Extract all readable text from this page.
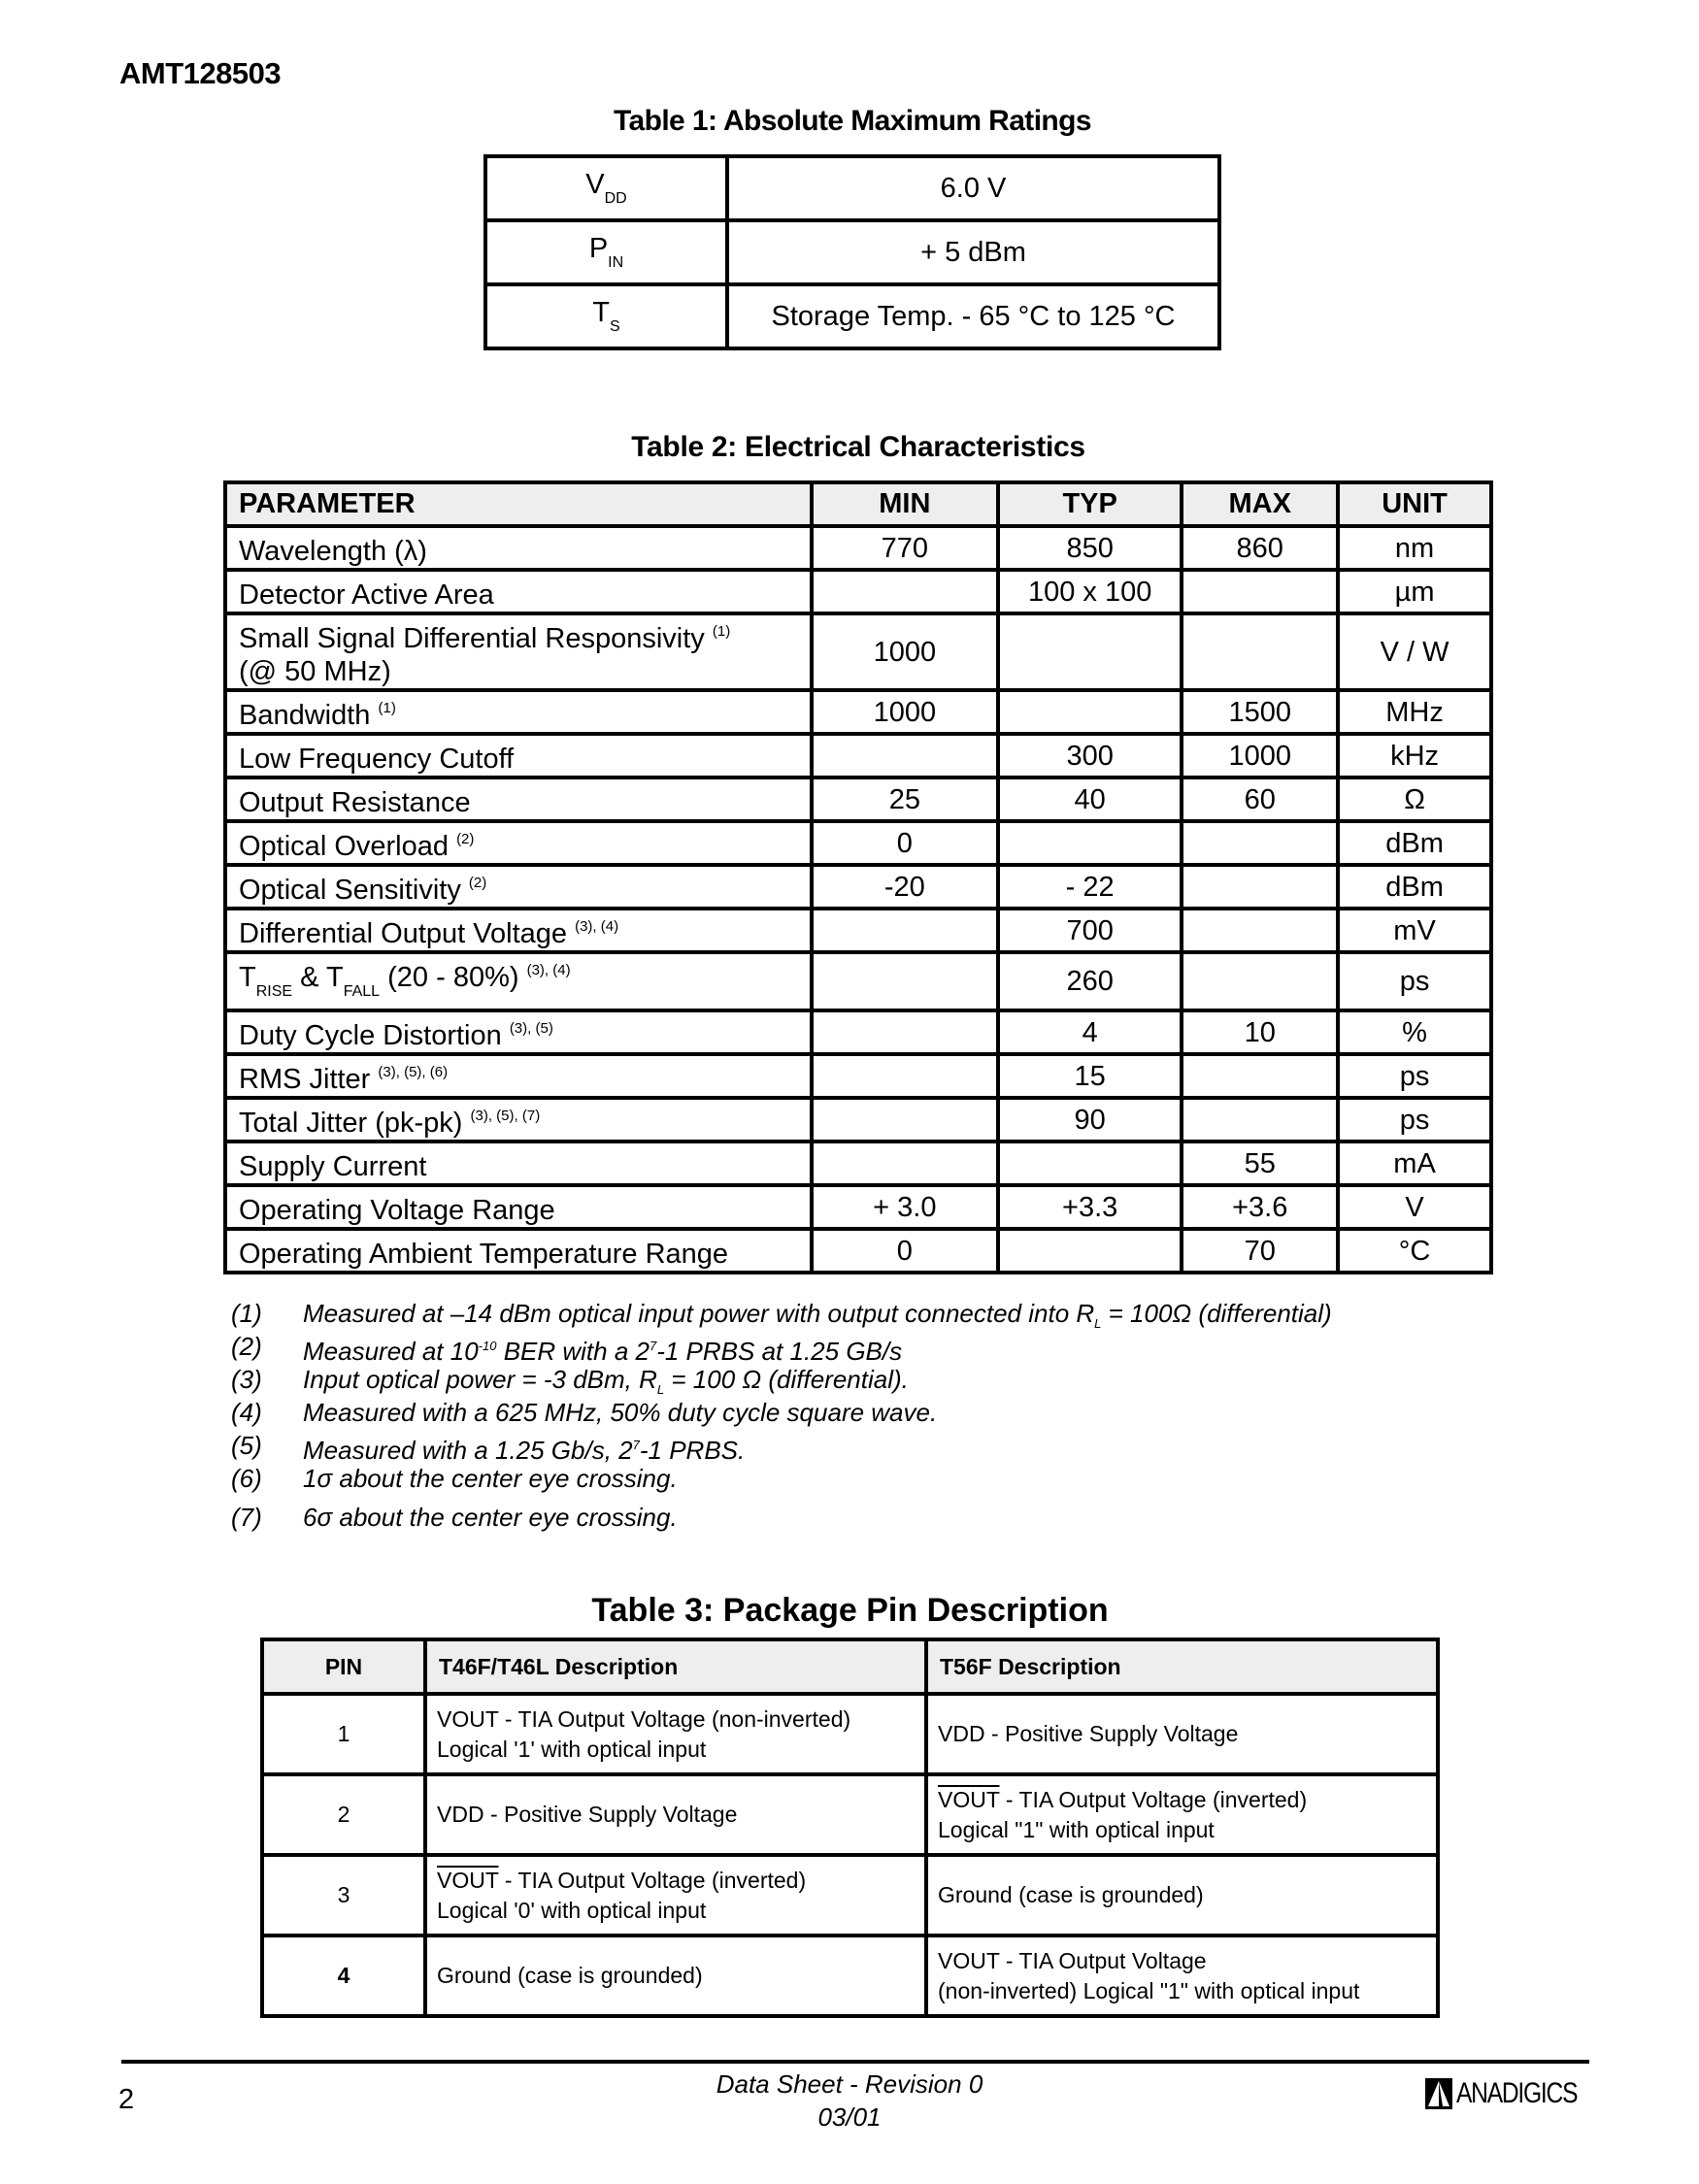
AMT128503
Table 1: Absolute Maximum Ratings
$V_{DD}$	6.0 V
$P_{IN}$	+ 5 dBm
$T_S$	Storage Temp. - 65 °C to 125 °C
Table 2: Electrical Characteristics
PARAMETER	MIN	TYP	MAX	UNIT
Wavelength (λ)	770	850	860	nm
Detector Active Area		100 x 100		µm
Small Signal Differential Responsivity $^{(1)}$
(@ 50 MHz)	1000			V / W
Bandwidth $^{(1)}$	1000		1500	MHz
Low Frequency Cutoff		300	1000	kHz
Output Resistance	25	40	60	Ω
Optical Overload $^{(2)}$	0			dBm
Optical Sensitivity $^{(2)}$	-20	- 22		dBm
Differential Output Voltage $^{(3), (4)}$		700		mV
$T_{RISE}$ & $T_{FALL}$ (20 - 80%) $^{(3), (4)}$		260		ps
Duty Cycle Distortion $^{(3), (5)}$		4	10	%
RMS Jitter $^{(3), (5), (6)}$		15		ps
Total Jitter (pk-pk) $^{(3), (5), (7)}$		90		ps
Supply Current			55	mA
Operating Voltage Range	+ 3.0	+3.3	+3.6	V
Operating Ambient Temperature Range	0		70	°C
(1)	Measured at –14 dBm optical input power with output connected into $R_L = 100\Omega$ (differential)
(2)	Measured at $10^{-10}$ BER with a $2^7-1$ PRBS at 1.25 GB/s
(3)	Input optical power = -3 dBm, $R_L = 100$ Ω (differential).
(4)	Measured with a 625 MHz, 50% duty cycle square wave.
(5)	Measured with a 1.25 Gb/s, $2^7-1$ PRBS.
(6)	1σ about the center eye crossing.
(7)	6σ about the center eye crossing.
Table 3: Package Pin Description
PIN	T46F/T46L Description	T56F Description
1	VOUT - TIA Output Voltage (non-inverted)
Logical '1' with optical input	VDD - Positive Supply Voltage

2	VDD - Positive Supply Voltage	VOUT - TIA Output Voltage (inverted)
Logical "1" with optical input

3	VOUT - TIA Output Voltage (inverted)
Logical '0' with optical input	Ground (case is grounded)

4	Ground (case is grounded)	VOUT - TIA Output Voltage
(non-inverted) Logical "1" with optical input
2	Data Sheet - Revision 0
03/01
ANADIGICS
